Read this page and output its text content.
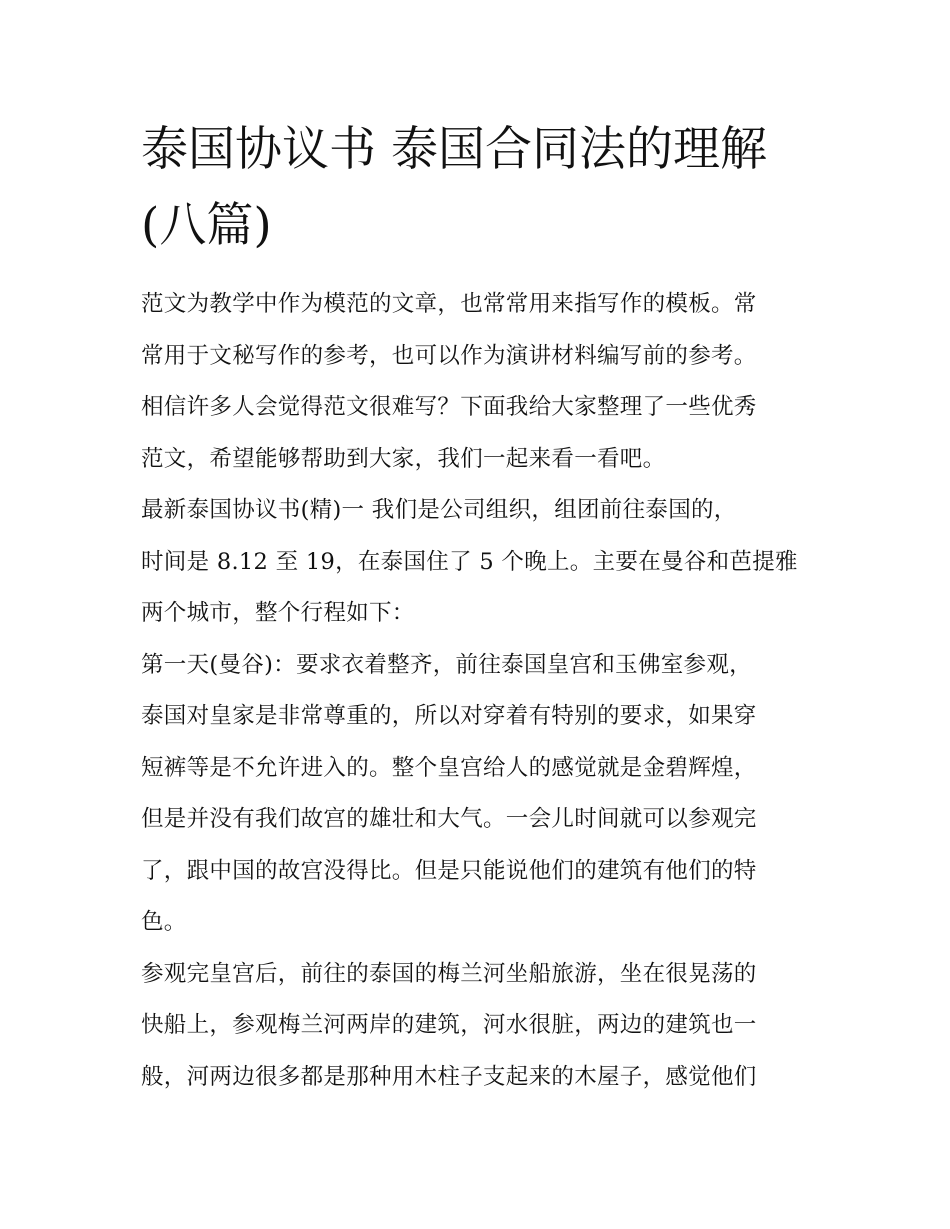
泰国协议书 泰国合同法的理解
(八篇)
范文为教学中作为模范的文章，也常常用来指写作的模板。常
常用于文秘写作的参考，也可以作为演讲材料编写前的参考。
相信许多人会觉得范文很难写？下面我给大家整理了一些优秀
范文，希望能够帮助到大家，我们一起来看一看吧。
最新泰国协议书(精)一 我们是公司组织，组团前往泰国的，
时间是 8.12 至 19，在泰国住了 5 个晚上。主要在曼谷和芭提雅
两个城市，整个行程如下：
第一天(曼谷)：要求衣着整齐，前往泰国皇宫和玉佛室参观，
泰国对皇家是非常尊重的，所以对穿着有特别的要求，如果穿
短裤等是不允许进入的。整个皇宫给人的感觉就是金碧辉煌，
但是并没有我们故宫的雄壮和大气。一会儿时间就可以参观完
了，跟中国的故宫没得比。但是只能说他们的建筑有他们的特
色。
参观完皇宫后，前往的泰国的梅兰河坐船旅游，坐在很晃荡的
快船上，参观梅兰河两岸的建筑，河水很脏，两边的建筑也一
般，河两边很多都是那种用木柱子支起来的木屋子，感觉他们
